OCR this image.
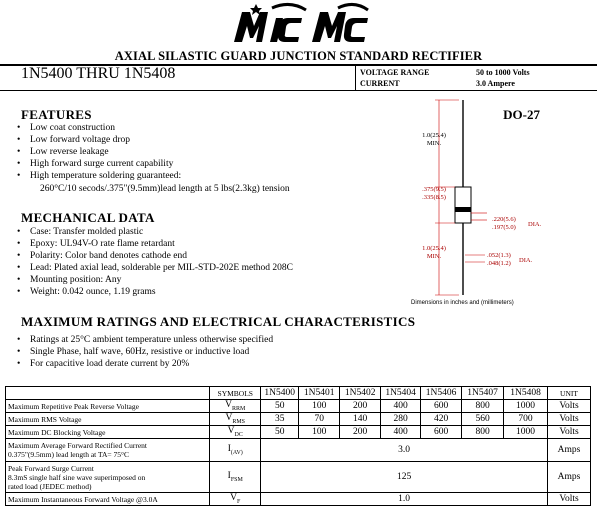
AXIAL SILASTIC GUARD JUNCTION STANDARD RECTIFIER
1N5400 THRU 1N5408	VOLTAGE RANGE	50 to 1000 Volts
CURRENT	3.0 Ampere
FEATURES
• Low coat construction
• Low forward voltage drop
• Low reverse leakage
• High forward surge current capability
• High temperature soldering guaranteed:
260°C/10 secods/.375"(9.5mm)lead length at 5 lbs(2.3kg) tension
MECHANICAL DATA
• Case: Transfer molded plastic
• Epoxy: UL94V-O rate flame retardant
• Polarity: Color band denotes cathode end
• Lead: Plated axial lead, solderable per MIL-STD-202E method 208C
• Mounting position: Any
• Weight: 0.042 ounce, 1.19 grams
DO-27
1.0(25.4)
MIN.
.375(9.5)
.335(8.5)
.220(5.6)
.197(5.0) DIA.
1.0(25.4)
MIN.	.052(1.3)
.048(1.2) DIA.
Dimensions in inches and (millimeters)
MAXIMUM RATINGS AND ELECTRICAL CHARACTERISTICS
• Ratings at 25°C ambient temperature unless otherwise specified
• Single Phase, half wave, 60Hz, resistive or inductive load
• For capacitive load derate current by 20%
	SYMBOLS	1N5400	1N5401	1N5402	1N5404	1N5406	1N5407	1N5408	UNIT
Maximum Repetitive Peak Reverse Voltage	$V_{RRM}$	50	100	200	400	600	800	1000	Volts
Maximum RMS Voltage	$V_{RMS}$	35	70	140	280	420	560	700	Volts
Maximum DC Blocking Voltage	$V_{DC}$	50	100	200	400	600	800	1000	Volts

Maximum Average Forward Rectified Current
0.375"(9.5mm) lead length at TA= 75°C	$I_{(AV)}$	3.0							Amps

Peak Forward Surge Current
8.3mS single half sine wave superimposed on
rated load (JEDEC method)	$I_{FSM}$	125							Amps
Maximum Instantaneous Forward Voltage @3.0A	$V_F$	1.0							Volts
